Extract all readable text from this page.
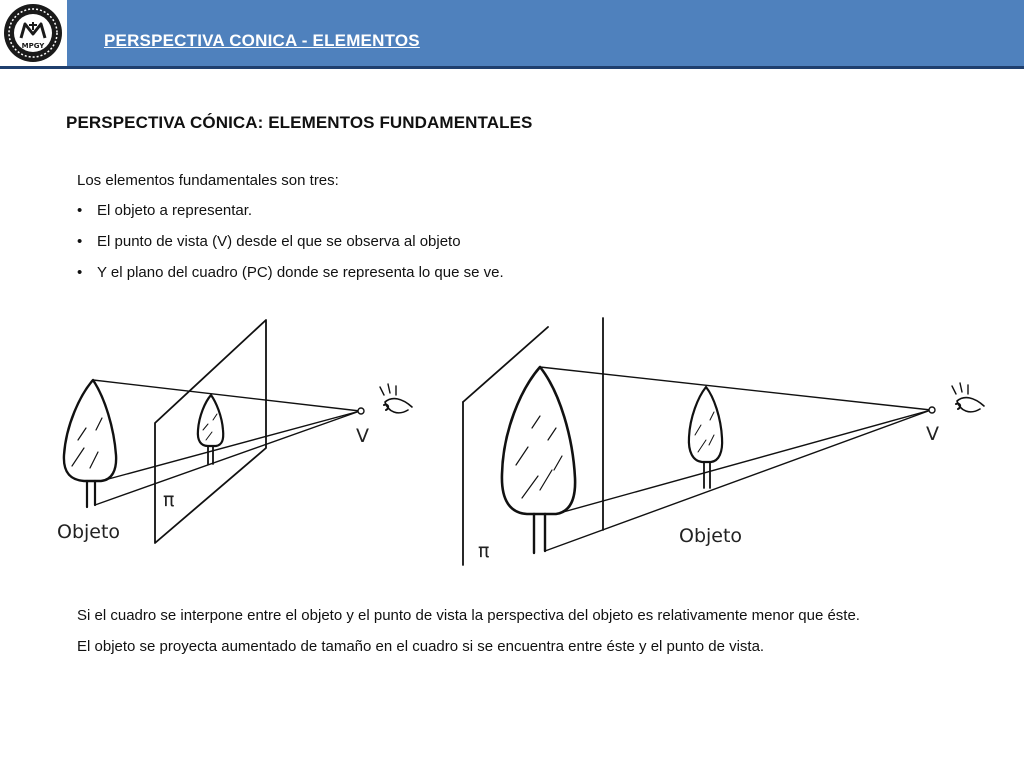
MPGY	PERSPECTIVA CONICA - ELEMENTOS
PERSPECTIVA CÓNICA: ELEMENTOS FUNDAMENTALES
Los elementos fundamentales son tres:
• El objeto a representar.
• El punto de vista (V) desde el que se observa al objeto
• Y el plano del cuadro (PC) donde se representa lo que se ve.
V
Objeto
π
V
Objeto
π
Si el cuadro se interpone entre el objeto y el punto de vista la perspectiva del objeto es relativamente menor que éste.
El objeto se proyecta aumentado de tamaño en el cuadro si se encuentra entre éste y el punto de vista.
